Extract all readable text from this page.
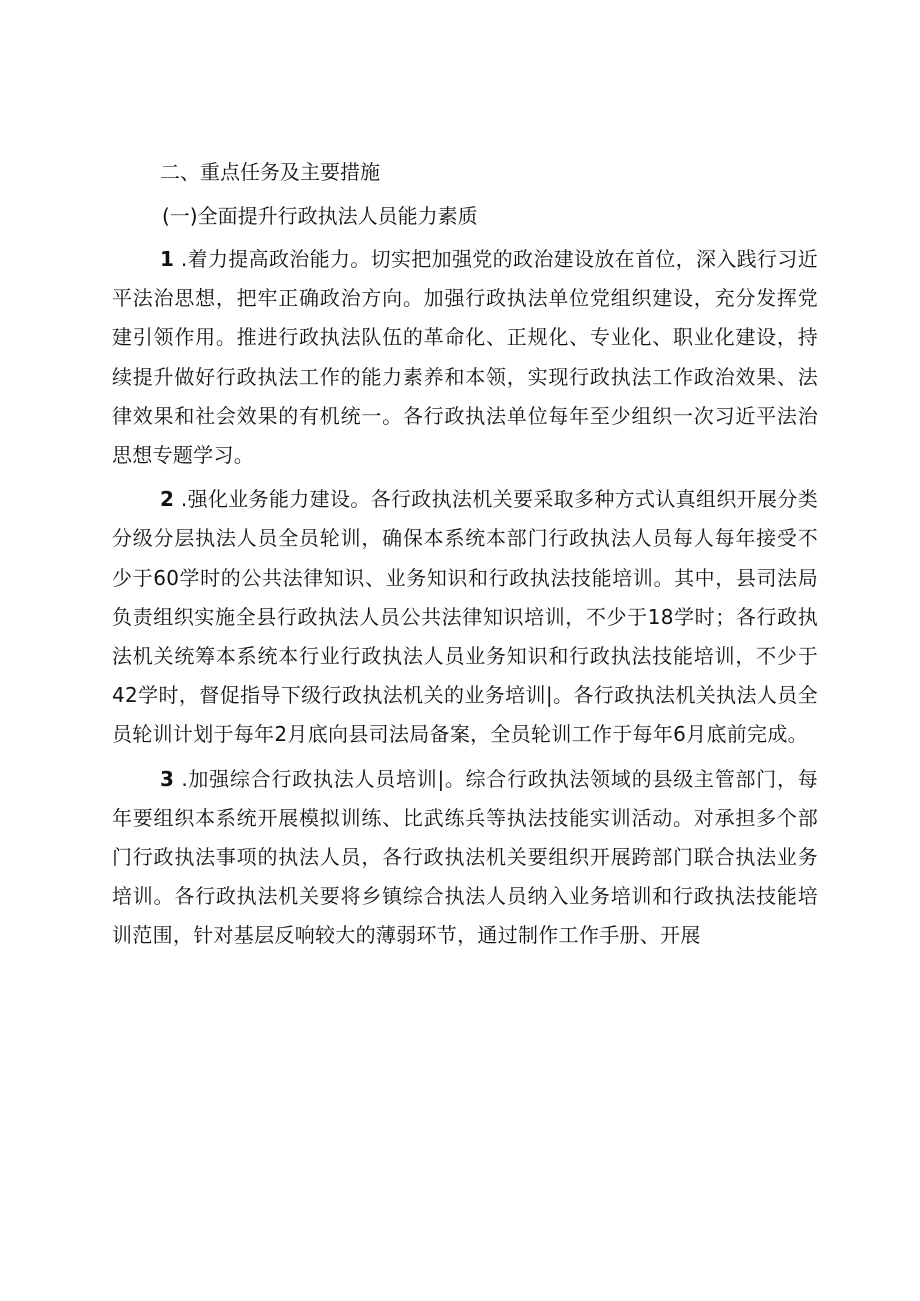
二、重点任务及主要措施

(一)全面提升行政执法人员能力素质

1 .着力提高政治能力。切实把加强党的政治建设放在首位，深入践行习近平法治思想，把牢正确政治方向。加强行政执法单位党组织建设，充分发挥党建引领作用。推进行政执法队伍的革命化、正规化、专业化、职业化建设，持续提升做好行政执法工作的能力素养和本领，实现行政执法工作政治效果、法律效果和社会效果的有机统一。各行政执法单位每年至少组织一次习近平法治思想专题学习。

2 .强化业务能力建设。各行政执法机关要采取多种方式认真组织开展分类分级分层执法人员全员轮训，确保本系统本部门行政执法人员每人每年接受不少于60学时的公共法律知识、业务知识和行政执法技能培训。其中，县司法局负责组织实施全县行政执法人员公共法律知识培训，不少于18学时；各行政执法机关统筹本系统本行业行政执法人员业务知识和行政执法技能培训，不少于42学时，督促指导下级行政执法机关的业务培训|。各行政执法机关执法人员全员轮训计划于每年2月底向县司法局备案，全员轮训工作于每年6月底前完成。

3 .加强综合行政执法人员培训|。综合行政执法领域的县级主管部门，每年要组织本系统开展模拟训练、比武练兵等执法技能实训活动。对承担多个部门行政执法事项的执法人员，各行政执法机关要组织开展跨部门联合执法业务培训。各行政执法机关要将乡镇综合执法人员纳入业务培训和行政执法技能培训范围，针对基层反响较大的薄弱环节，通过制作工作手册、开展
